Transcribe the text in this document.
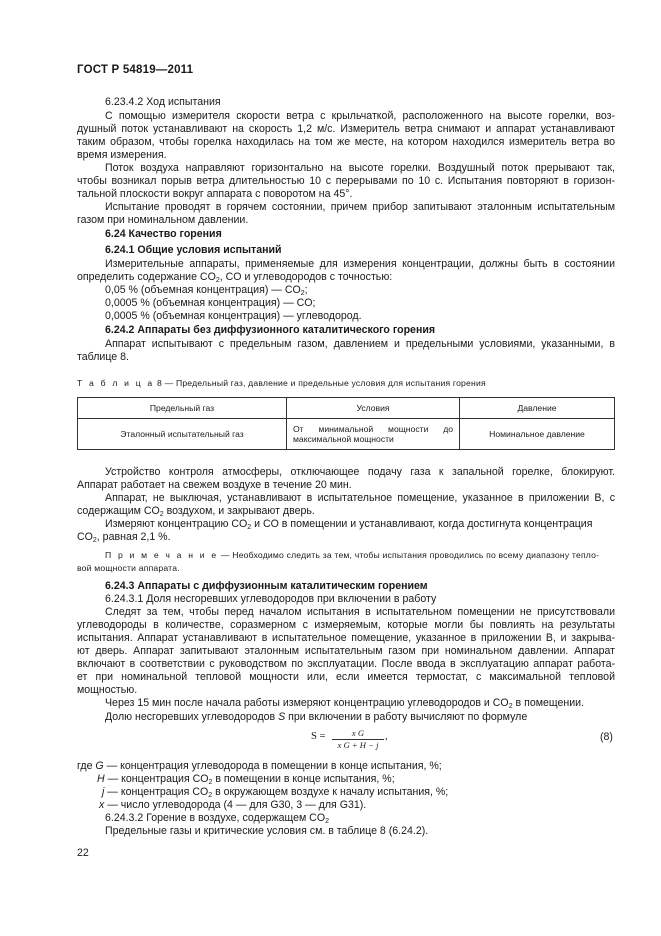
ГОСТ Р 54819—2011
6.23.4.2 Ход испытания
С помощью измерителя скорости ветра с крыльчаткой, расположенного на высоте горелки, воз-
душный поток устанавливают на скорость 1,2 м/с. Измеритель ветра снимают и аппарат устанавливают
таким образом, чтобы горелка находилась на том же месте, на котором находился измеритель ветра во
время измерения.
Поток воздуха направляют горизонтально на высоте горелки. Воздушный поток прерывают так,
чтобы возникал порыв ветра длительностью 10 с перерывами по 10 с. Испытания повторяют в горизон-
тальной плоскости вокруг аппарата с поворотом на 45°.
Испытание проводят в горячем состоянии, причем прибор запитывают эталонным испытательным
газом при номинальном давлении.
6.24 Качество горения
6.24.1 Общие условия испытаний
Измерительные аппараты, применяемые для измерения концентрации, должны быть в состоянии
определить содержание $CO_2$, CO и углеводородов с точностью:
0,05 % (объемная концентрация) — $CO_2$;
0,0005 % (объемная концентрация) — CO;
0,0005 % (объемная концентрация) — углеводород.
6.24.2 Аппараты без диффузионного каталитического горения
Аппарат испытывают с предельным газом, давлением и предельными условиями, указанными, в
таблице 8.
Т а б л и ц а 8 — Предельный газ, давление и предельные условия для испытания горения
Предельный газ	Условия	Давление
Эталонный испытательный газ	От минимальной мощности до
максимальной мощности	Номинальное давление
Устройство контроля атмосферы, отключающее подачу газа к запальной горелке, блокируют.
Аппарат работает на свежем воздухе в течение 20 мин.
Аппарат, не выключая, устанавливают в испытательное помещение, указанное в приложении В, с
содержащим $CO_2$ воздухом, и закрывают дверь.
Измеряют концентрацию $CO_2$ и CO в помещении и устанавливают, когда достигнута концентрация
$CO_2$, равная 2,1 %.
П р и м е ч а н и е — Необходимо следить за тем, чтобы испытания проводились по всему диапазону тепло-
вой мощности аппарата.
6.24.3 Аппараты с диффузионным каталитическим горением
6.24.3.1 Доля несгоревших углеводородов при включении в работу
Следят за тем, чтобы перед началом испытания в испытательном помещении не присутствовали
углеводороды в количестве, соразмерном с измеряемым, которые могли бы повлиять на результаты
испытания. Аппарат устанавливают в испытательное помещение, указанное в приложении В, и закрыва-
ют дверь. Аппарат запитывают эталонным испытательным газом при номинальном давлении. Аппарат
включают в соответствии с руководством по эксплуатации. После ввода в эксплуатацию аппарат работа-
ет при номинальной тепловой мощности или, если имеется термостат, с максимальной тепловой
мощностью.
Через 15 мин после начала работы измеряют концентрацию углеводородов и $CO_2$ в помещении.
Долю несгоревших углеводородов S при включении в работу вычисляют по формуле
$S = \frac{\text{x G}}{\text{x G + H − j}}$ ,	(8)
где G — концентрация углеводорода в помещении в конце испытания, %;
H — концентрация $CO_2$ в помещении в конце испытания, %;
j — концентрация $CO_2$ в окружающем воздухе к началу испытания, %;
x — число углеводорода (4 — для G30, 3 — для G31).
6.24.3.2 Горение в воздухе, содержащем $CO_2$
Предельные газы и критические условия см. в таблице 8 (6.24.2).
22
